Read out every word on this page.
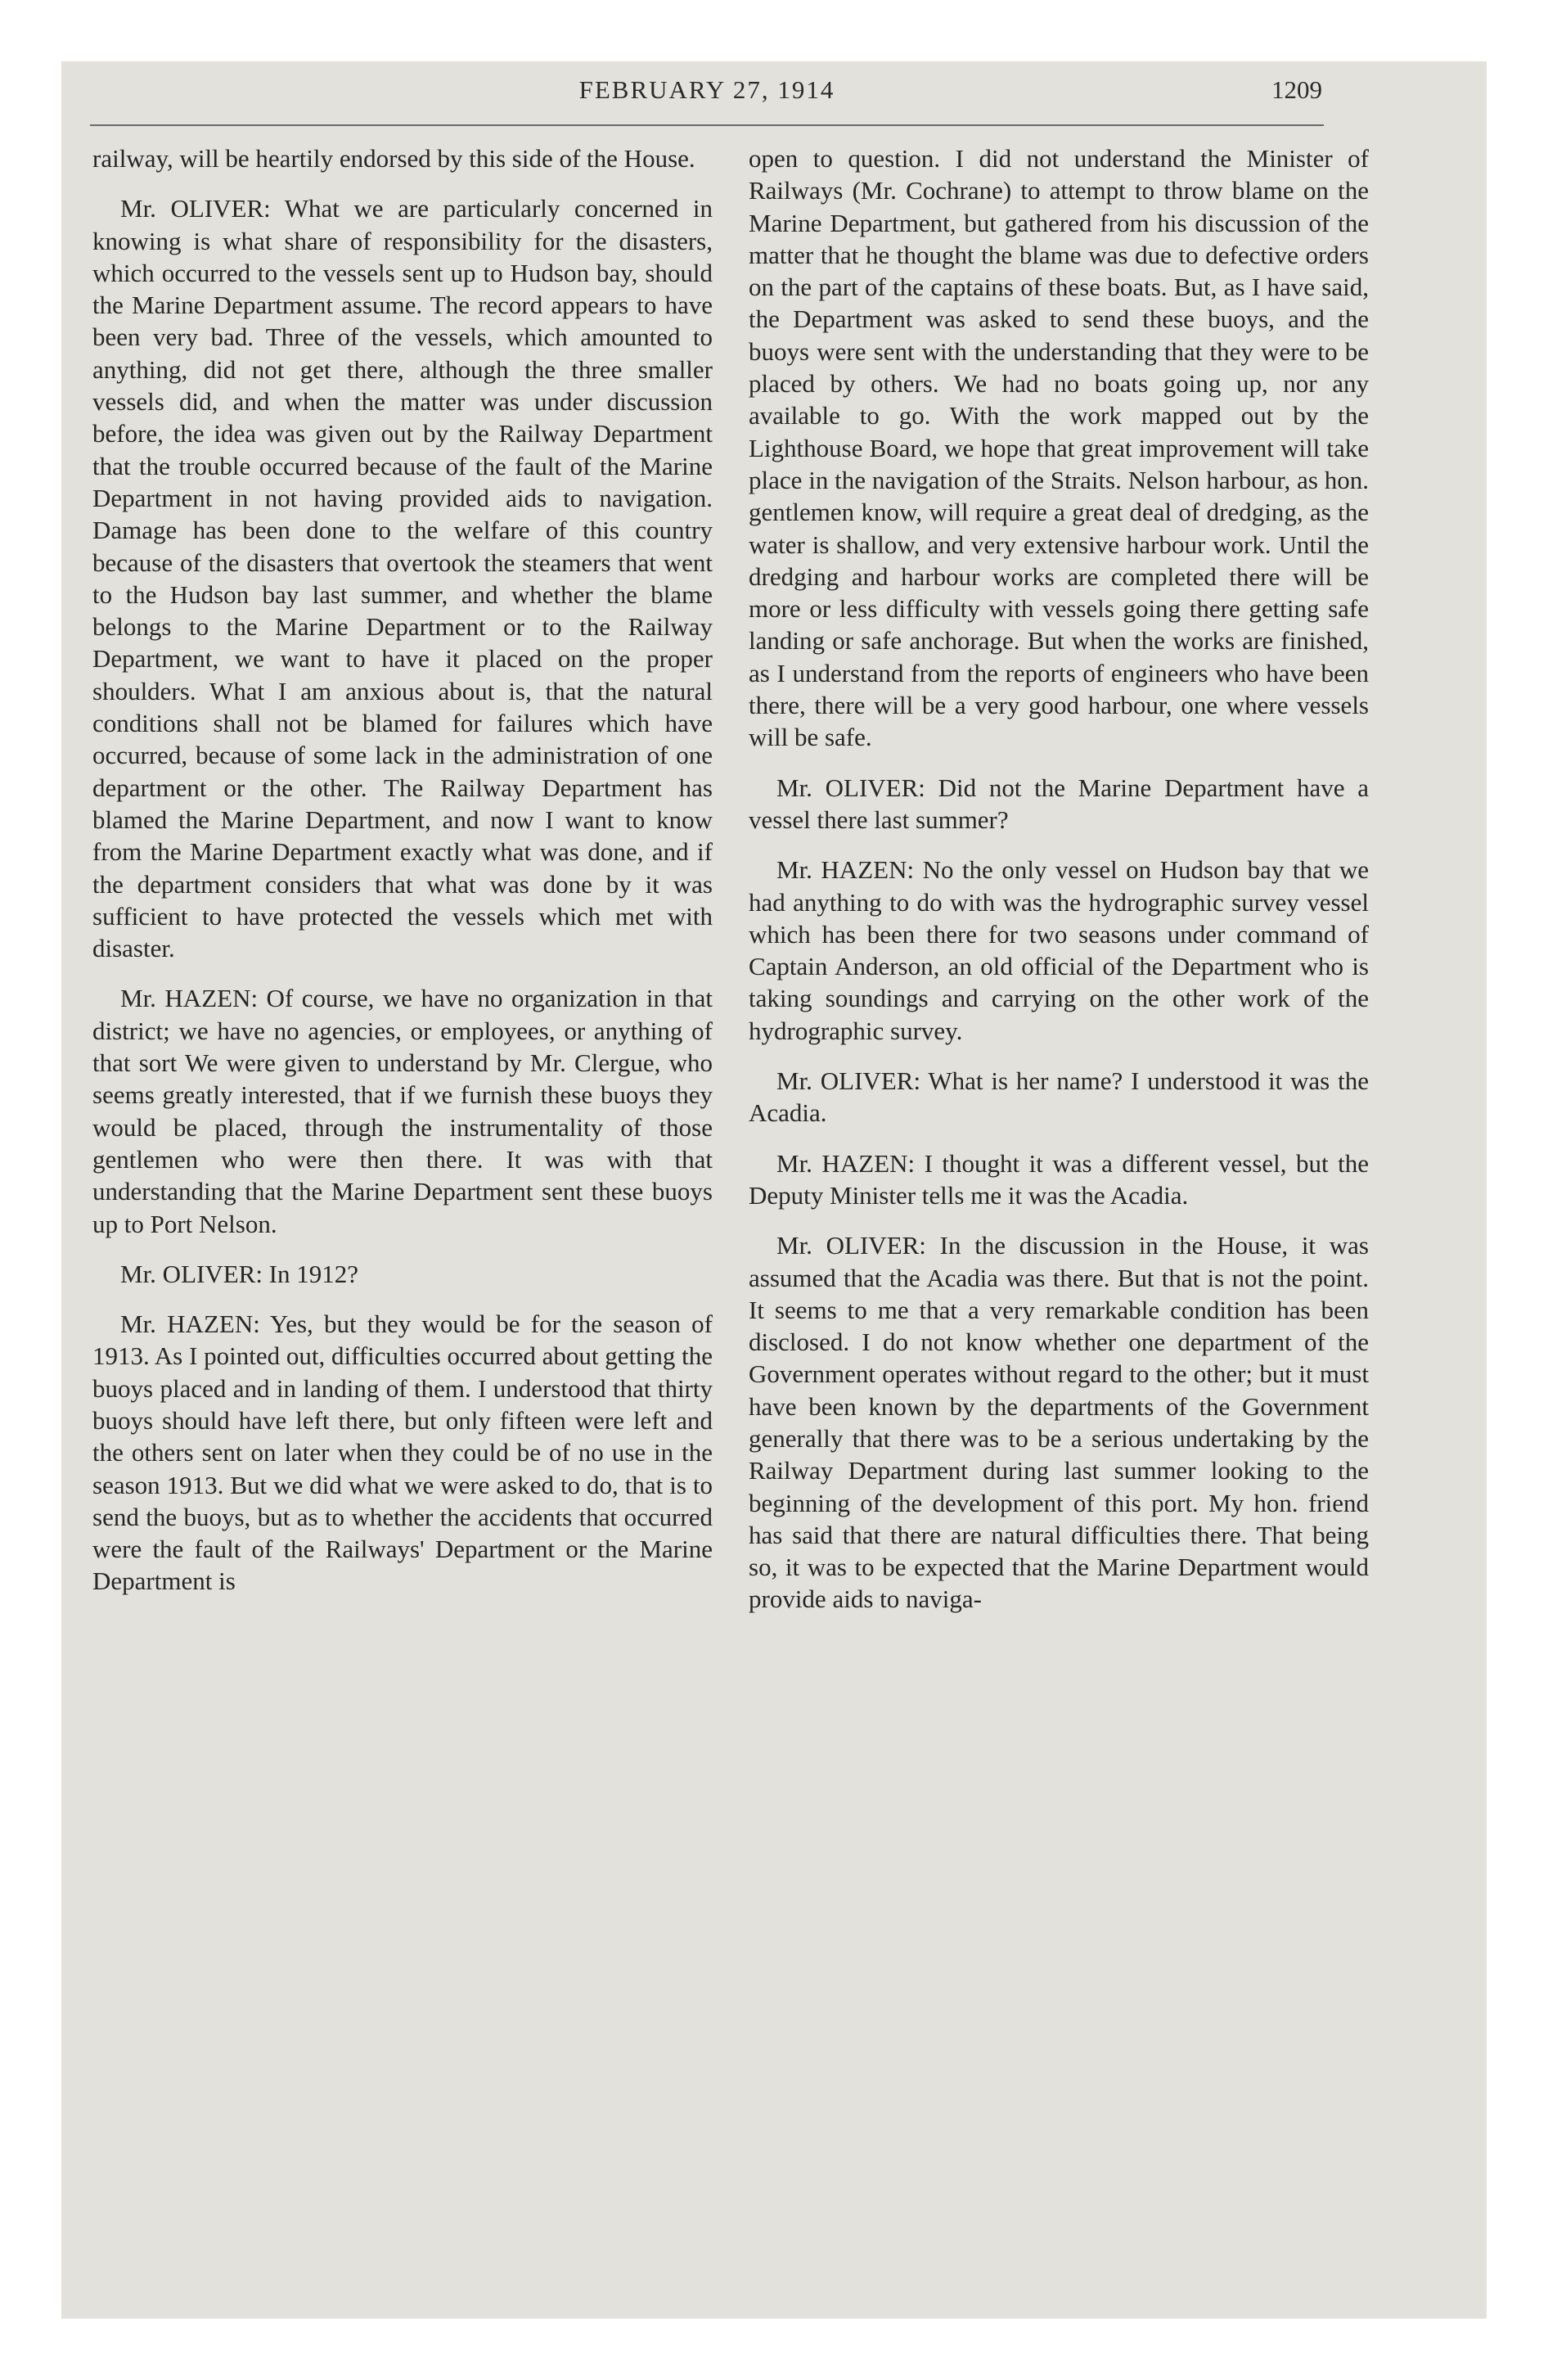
FEBRUARY 27, 1914	1209

railway, will be heartily endorsed by this side of the House.

Mr. OLIVER: What we are particularly concerned in knowing is what share of responsibility for the disasters, which occurred to the vessels sent up to Hudson bay, should the Marine Department assume. The record appears to have been very bad. Three of the vessels, which amounted to anything, did not get there, although the three smaller vessels did, and when the matter was under discussion before, the idea was given out by the Railway Department that the trouble occurred because of the fault of the Marine Department in not having provided aids to navigation. Damage has been done to the welfare of this country because of the disasters that overtook the steamers that went to the Hudson bay last summer, and whether the blame belongs to the Marine Department or to the Railway Department, we want to have it placed on the proper shoulders. What I am anxious about is, that the natural conditions shall not be blamed for failures which have occurred, because of some lack in the administration of one department or the other. The Railway Department has blamed the Marine Department, and now I want to know from the Marine Department exactly what was done, and if the department considers that what was done by it was sufficient to have protected the vessels which met with disaster.

Mr. HAZEN: Of course, we have no organization in that district; we have no agencies, or employees, or anything of that sort We were given to understand by Mr. Clergue, who seems greatly interested, that if we furnish these buoys they would be placed, through the instrumentality of those gentlemen who were then there. It was with that understanding that the Marine Department sent these buoys up to Port Nelson.

Mr. OLIVER: In 1912?

Mr. HAZEN: Yes, but they would be for the season of 1913. As I pointed out, difficulties occurred about getting the buoys placed and in landing of them. I understood that thirty buoys should have left there, but only fifteen were left and the others sent on later when they could be of no use in the season 1913. But we did what we were asked to do, that is to send the buoys, but as to whether the accidents that occurred were the fault of the Railways' Department or the Marine Department is

open to question. I did not understand the Minister of Railways (Mr. Cochrane) to attempt to throw blame on the Marine Department, but gathered from his discussion of the matter that he thought the blame was due to defective orders on the part of the captains of these boats. But, as I have said, the Department was asked to send these buoys, and the buoys were sent with the understanding that they were to be placed by others. We had no boats going up, nor any available to go. With the work mapped out by the Lighthouse Board, we hope that great improvement will take place in the navigation of the Straits. Nelson harbour, as hon. gentlemen know, will require a great deal of dredging, as the water is shallow, and very extensive harbour work. Until the dredging and harbour works are completed there will be more or less difficulty with vessels going there getting safe landing or safe anchorage. But when the works are finished, as I understand from the reports of engineers who have been there, there will be a very good harbour, one where vessels will be safe.

Mr. OLIVER: Did not the Marine Department have a vessel there last summer?

Mr. HAZEN: No the only vessel on Hudson bay that we had anything to do with was the hydrographic survey vessel which has been there for two seasons under command of Captain Anderson, an old official of the Department who is taking soundings and carrying on the other work of the hydrographic survey.

Mr. OLIVER: What is her name? I understood it was the Acadia.

Mr. HAZEN: I thought it was a different vessel, but the Deputy Minister tells me it was the Acadia.

Mr. OLIVER: In the discussion in the House, it was assumed that the Acadia was there. But that is not the point. It seems to me that a very remarkable condition has been disclosed. I do not know whether one department of the Government operates without regard to the other; but it must have been known by the departments of the Government generally that there was to be a serious undertaking by the Railway Department during last summer looking to the beginning of the development of this port. My hon. friend has said that there are natural difficulties there. That being so, it was to be expected that the Marine Department would provide aids to naviga-
